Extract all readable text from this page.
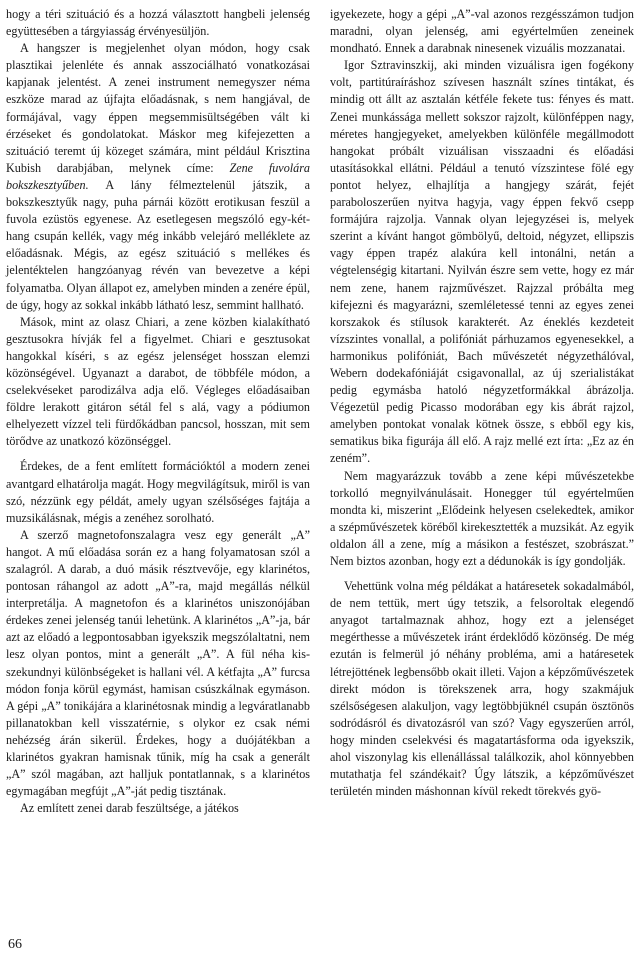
hogy a téri szituáció és a hozzá választott hangbeli jelenség együttesében a tárgyiasság érvényesüljön.

A hangszer is megjelenhet olyan módon, hogy csak plasztikai jelenléte és annak asszociálható vonatkozásai kapjanak jelentést. A zenei instrument nemegyszer néma eszköze marad az újfajta előadásnak, s nem hangjával, de formájával, vagy éppen megsemmisültségében vált ki érzéseket és gondolatokat. Máskor meg kifejezetten a szituáció teremt új közeget számára, mint például Krisztina Kubish darabjában, melynek címe: Zene fuvolára bokszkesztyűben. A lány félmeztelenül játszik, a bokszkesztyűk nagy, puha párnái között erotikusan feszül a fuvola ezüstös egyenese. Az esetlegesen megszóló egy-két-hang csupán kellék, vagy még inkább velejáró melléklete az előadásnak. Mégis, az egész szituáció s mellékes és jelentéktelen hangzóanyag révén van bevezetve a képi folyamatba. Olyan állapot ez, amelyben minden a zenére épül, de úgy, hogy az sokkal inkább látható lesz, semmint hallható.

Mások, mint az olasz Chiari, a zene közben kialakítható gesztusokra hívják fel a figyelmet. Chiari e gesztusokat hangokkal kíséri, s az egész jelenséget hosszan elemzi közönségével. Ugyanazt a darabot, de többféle módon, a cselekvéseket parodizálva adja elő. Végleges előadásaiban földre lerakott gitáron sétál fel s alá, vagy a pódiumon elhelyezett vízzel teli fürdőkádban pancsol, hosszan, mit sem törődve az unatkozó közönséggel.

Érdekes, de a fent említett formációktól a modern zenei avantgard elhatárolja magát. Hogy megvilágítsuk, miről is van szó, nézzünk egy példát, amely ugyan szélsőséges fajtája a muzsikálásnak, mégis a zenéhez sorolható.

A szerző magnetofonszalagra vesz egy generált „A” hangot. A mű előadása során ez a hang folyamatosan szól a szalagról. A darab, a duó másik résztvevője, egy klarinétos, pontosan ráhangol az adott „A”-ra, majd megállás nélkül interpretálja. A magnetofon és a klarinétos uniszonójában érdekes zenei jelenség tanúi lehetünk. A klarinétos „A”-ja, bár azt az előadó a legpontosabban igyekszik megszólaltatni, nem lesz olyan pontos, mint a generált „A”. A fül néha kis-szekundnyi különbségeket is hallani vél. A kétfajta „A” furcsa módon fonja körül egymást, hamisan csúszkálnak egymáson. A gépi „A” tonikájára a klarinétosnak mindig a legváratlanabb pillanatokban kell visszatérnie, s olykor ez csak némi nehézség árán sikerül. Érdekes, hogy a duójátékban a klarinétos gyakran hamisnak tűnik, míg ha csak a generált „A” szól magában, azt halljuk pontatlannak, s a klarinétos egymagában megfújt „A”-ját pedig tisztának.

Az említett zenei darab feszültsége, a játékos

igyekezete, hogy a gépi „A”-val azonos rezgésszámon tudjon maradni, olyan jelenség, ami egyértelműen zeneinek mondható. Ennek a darabnak ninesenek vizuális mozzanatai.

Igor Sztravinszkij, aki minden vizuálisra igen fogékony volt, partitúraíráshoz szívesen használt színes tintákat, és mindig ott állt az asztalán kétféle fekete tus: fényes és matt. Zenei munkássága mellett sokszor rajzolt, különféppen nagy, méretes hangjegyeket, amelyekben különféle megállmodott hangokat próbált vizuálisan visszaadni és előadási utasításokkal ellátni. Például a tenutó vízszintese fölé egy pontot helyez, elhajlítja a hangjegy szárát, fejét paraboloszerűen nyitva hagyja, vagy éppen fekvő csepp formájúra rajzolja. Vannak olyan lejegyzései is, melyek szerint a kívánt hangot gömbölyű, deltoid, négyzet, ellipszis vagy éppen trapéz alakúra kell intonálni, netán a végtelenségig kitartani. Nyilván észre sem vette, hogy ez már nem zene, hanem rajzművészet. Rajzzal próbálta meg kifejezni és magyarázni, szemléletessé tenni az egyes zenei korszakok és stílusok karakterét. Az éneklés kezdeteit vízszintes vonallal, a polifóniát párhuzamos egyenesekkel, a harmonikus polifóniát, Bach művészetét négyzethálóval, Webern dodekafóniáját csigavonallal, az új szerialistákat pedig egymásba hatoló négyzetformákkal ábrázolja. Végezetül pedig Picasso modorában egy kis ábrát rajzol, amelyben pontokat vonalak kötnek össze, s ebből egy kis, sematikus bika figurája áll elő. A rajz mellé ezt írta: „Ez az én zeném”.

Nem magyarázzuk tovább a zene képi művészetekbe torkolló megnyilvánulásait. Honegger túl egyértelműen mondta ki, miszerint „Elődeink helyesen cselekedtek, amikor a szépművészetek köréből kirekesztették a muzsikát. Az egyik oldalon áll a zene, míg a másikon a festészet, szobrászat.” Nem biztos azonban, hogy ezt a dédunokák is így gondolják.

Vehettünk volna még példákat a határesetek sokadalmából, de nem tettük, mert úgy tetszik, a felsoroltak elegendő anyagot tartalmaznak ahhoz, hogy ezt a jelenséget megérthesse a művészetek iránt érdeklődő közönség. De még ezután is felmerül jó néhány probléma, ami a határesetek létrejöttének legbensőbb okait illeti. Vajon a képzőművészetek direkt módon is törekszenek arra, hogy szakmájuk szélsőségesen alakuljon, vagy legtöbbjüknél csupán ösztönös sodródásról és divatozásról van szó? Vagy egyszerűen arról, hogy minden cselekvési és magatartásforma oda igyekszik, ahol viszonylag kis ellenállással találkozik, ahol könnyebben mutathatja fel szándékait? Úgy látszik, a képzőművészet területén minden máshonnan kívül rekedt törekvés gyö-

66
